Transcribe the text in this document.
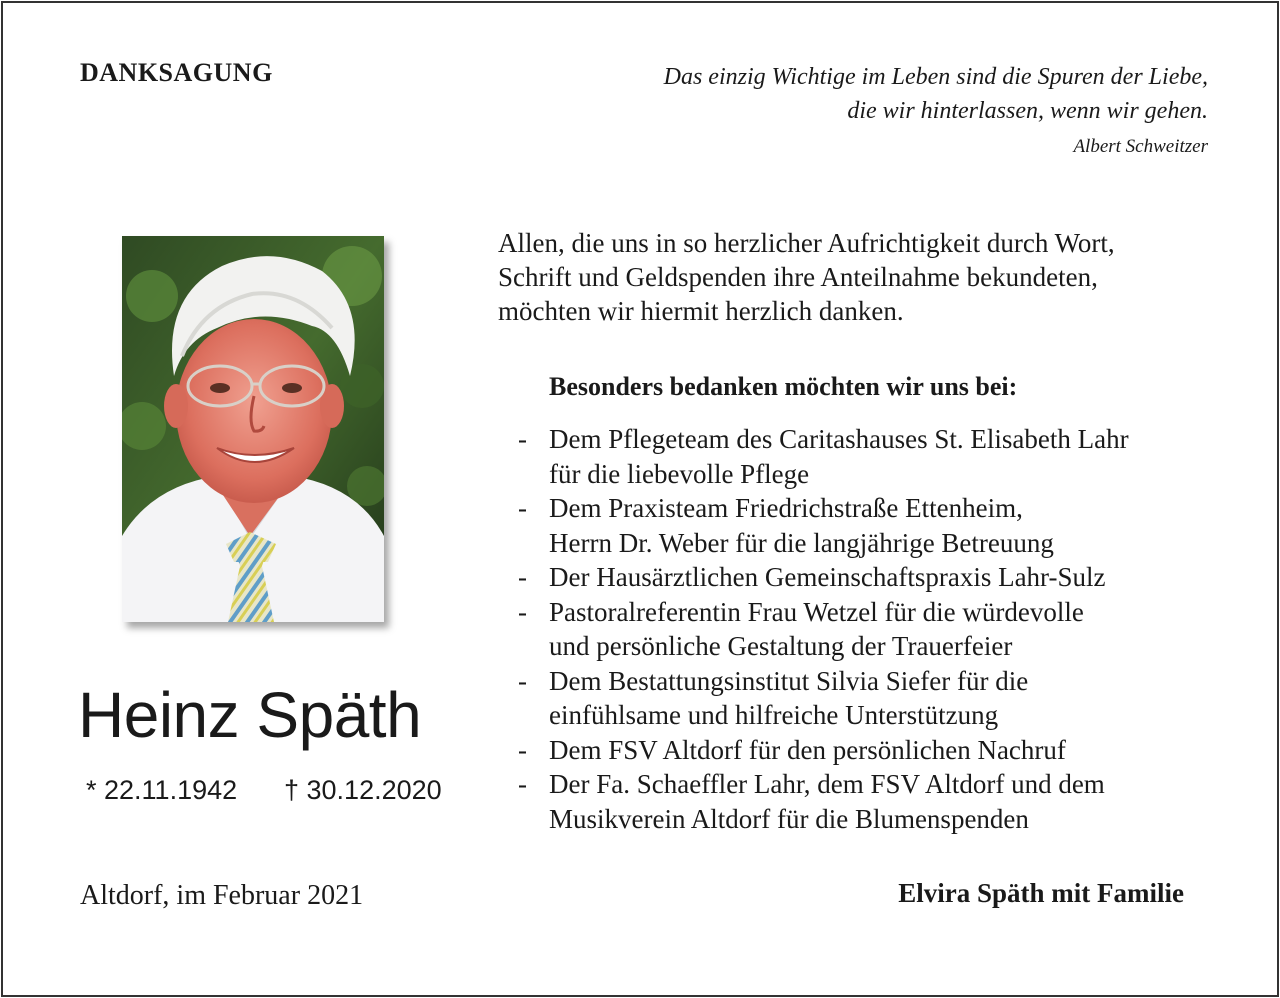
DANKSAGUNG	Das einzig Wichtige im Leben sind die Spuren der Liebe,
die wir hinterlassen, wenn wir gehen.
Albert Schweitzer
Heinz Späth
* 22.11.1942 † 30.12.2020
Allen, die uns in so herzlicher Aufrichtigkeit durch Wort,
Schrift und Geldspenden ihre Anteilnahme bekundeten,
möchten wir hiermit herzlich danken.
Besonders bedanken möchten wir uns bei:
- Dem Pflegeteam des Caritashauses St. Elisabeth Lahr
für die liebevolle Pflege
- Dem Praxisteam Friedrichstraße Ettenheim,
Herrn Dr. Weber für die langjährige Betreuung
- Der Hausärztlichen Gemeinschaftspraxis Lahr-Sulz
- Pastoralreferentin Frau Wetzel für die würdevolle
und persönliche Gestaltung der Trauerfeier
- Dem Bestattungsinstitut Silvia Siefer für die
einfühlsame und hilfreiche Unterstützung
- Dem FSV Altdorf für den persönlichen Nachruf
- Der Fa. Schaeffler Lahr, dem FSV Altdorf und dem
Musikverein Altdorf für die Blumenspenden
Altdorf, im Februar 2021	Elvira Späth mit Familie
